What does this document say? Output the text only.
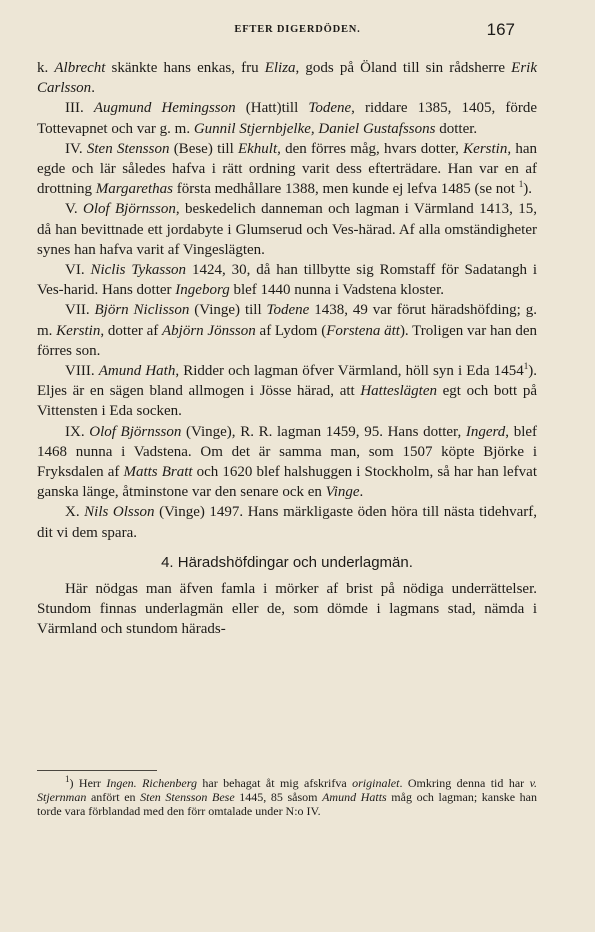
EFTER DIGERDÖDEN.	167

k. Albrecht skänkte hans enkas, fru Eliza, gods på Öland till sin rådsherre Erik Carlsson.

III. Augmund Hemingsson (Hatt)till Todene, riddare 1385, 1405, förde Tottevapnet och var g. m. Gunnil Stjernbjelke, Daniel Gustafssons dotter.

IV. Sten Stensson (Bese) till Ekhult, den förres måg, hvars dotter, Kerstin, han egde och lär således hafva i rätt ordning varit dess efterträdare. Han var en af drottning Margarethas första medhållare 1388, men kunde ej lefva 1485 (se not $^1$).

V. Olof Björnsson, beskedelich danneman och lagman i Värmland 1413, 15, då han bevittnade ett jordabyte i Glumserud och Ves-härad. Af alla omständigheter synes han hafva varit af Vingeslägten.

VI. Niclis Tykasson 1424, 30, då han tillbytte sig Romstaff för Sadatangh i Ves-harid. Hans dotter Ingeborg blef 1440 nunna i Vadstena kloster.

VII. Björn Niclisson (Vinge) till Todene 1438, 49 var förut häradshöfding; g. m. Kerstin, dotter af Abjörn Jönsson af Lydom (Forstena ätt). Troligen var han den förres son.

VIII. Amund Hath, Ridder och lagman öfver Värmland, höll syn i Eda 1454$^1$). Eljes är en sägen bland allmogen i Jösse härad, att Hatteslägten egt och bott på Vittensten i Eda socken.

IX. Olof Björnsson (Vinge), R. R. lagman 1459, 95. Hans dotter, Ingerd, blef 1468 nunna i Vadstena. Om det är samma man, som 1507 köpte Björke i Fryksdalen af Matts Bratt och 1620 blef halshuggen i Stockholm, så har han lefvat ganska länge, åtminstone var den senare ock en Vinge.

X. Nils Olsson (Vinge) 1497. Hans märkligaste öden höra till nästa tidehvarf, dit vi dem spara.

4. Häradshöfdingar och underlagmän.

Här nödgas man äfven famla i mörker af brist på nödiga underrättelser. Stundom finnas underlagmän eller de, som dömde i lagmans stad, nämda i Värmland och stundom härads-

$^1$) Herr Ingen. Richenberg har behagat åt mig afskrifva originalet. Omkring denna tid har v. Stjernman anfört en Sten Stensson Bese 1445, 85 såsom Amund Hatts måg och lagman; kanske han torde vara förblandad med den förr omtalade under N:o IV.
